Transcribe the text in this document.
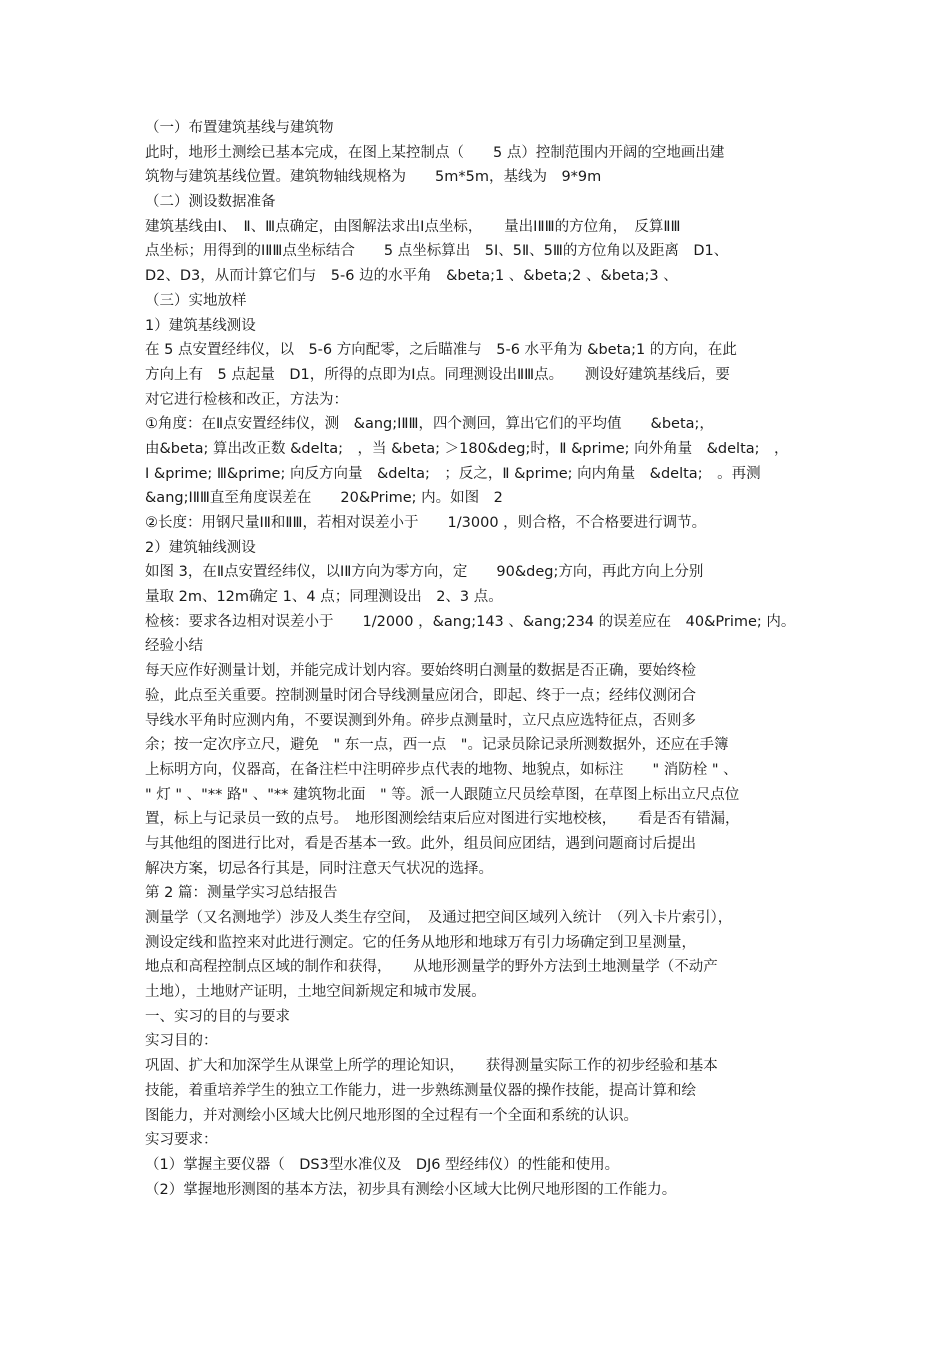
（一）布置建筑基线与建筑物
此时，地形土测绘已基本完成，在图上某控制点（　　5 点）控制范围内开阔的空地画出建
筑物与建筑基线位置。建筑物轴线规格为　　5m*5m，基线为　9*9m
（二）测设数据准备
建筑基线由Ⅰ、　Ⅱ、Ⅲ点确定，由图解法求出Ⅰ点坐标，　　量出ⅠⅡⅢ的方位角，　反算ⅡⅢ
点坐标；用得到的ⅠⅡⅢ点坐标结合　　5 点坐标算出　5Ⅰ、5Ⅱ、5Ⅲ的方位角以及距离　D1、
D2、D3，从而计算它们与　5-6 边的水平角　&beta;1 、&beta;2 、&beta;3 、
（三）实地放样
1）建筑基线测设
在 5 点安置经纬仪，以　5-6 方向配零，之后瞄准与　5-6 水平角为 &beta;1 的方向，在此
方向上有　5 点起量　D1，所得的点即为Ⅰ点。同理测设出ⅡⅢ点。　　测设好建筑基线后，要
对它进行检核和改正，方法为：
①角度：在Ⅱ点安置经纬仪，测　&ang;ⅠⅡⅢ，四个测回，算出它们的平均值　　&beta;，
由&beta; 算出改正数 &delta;　，当 &beta; ＞180&deg;时，Ⅱ &prime; 向外角量　&delta;　，
Ⅰ &prime; Ⅲ&prime; 向反方向量　&delta;　；反之，Ⅱ &prime; 向内角量　&delta;　。再测
&ang;ⅠⅡⅢ直至角度误差在　　20&Prime; 内。如图　2
②长度：用钢尺量ⅠⅡ和ⅡⅢ，若相对误差小于　　1/3000 ，则合格，不合格要进行调节。
2）建筑轴线测设
如图 3，在Ⅱ点安置经纬仪，以ⅠⅡ方向为零方向，定　　90&deg;方向，再此方向上分别
量取 2m、12m确定 1、4 点；同理测设出　2、3 点。
检核：要求各边相对误差小于　　1/2000 ，&ang;143 、&ang;234 的误差应在　40&Prime; 内。
经验小结
每天应作好测量计划，并能完成计划内容。要始终明白测量的数据是否正确，要始终检
验，此点至关重要。控制测量时闭合导线测量应闭合，即起、终于一点；经纬仪测闭合
导线水平角时应测内角，不要误测到外角。碎步点测量时，立尺点应选特征点，否则多
余；按一定次序立尺，避免　" 东一点，西一点　"。记录员除记录所测数据外，还应在手簿
上标明方向，仪器高，在备注栏中注明碎步点代表的地物、地貌点，如标注　　" 消防栓 " 、
" 灯 " 、"** 路" 、"** 建筑物北面　" 等。派一人跟随立尺员绘草图，在草图上标出立尺点位
置，标上与记录员一致的点号。　地形图测绘结束后应对图进行实地校核，　　看是否有错漏，
与其他组的图进行比对，看是否基本一致。此外，组员间应团结，遇到问题商讨后提出
解决方案，切忌各行其是，同时注意天气状况的选择。
第 2 篇：测量学实习总结报告
测量学（又名测地学）涉及人类生存空间，　及通过把空间区域列入统计　（列入卡片索引），
测设定线和监控来对此进行测定。它的任务从地形和地球万有引力场确定到卫星测量，
地点和高程控制点区域的制作和获得，　　从地形测量学的野外方法到土地测量学（不动产
土地），土地财产证明，土地空间新规定和城市发展。
一、实习的目的与要求
实习目的：
巩固、扩大和加深学生从课堂上所学的理论知识，　　获得测量实际工作的初步经验和基本
技能，着重培养学生的独立工作能力，进一步熟练测量仪器的操作技能，提高计算和绘
图能力，并对测绘小区域大比例尺地形图的全过程有一个全面和系统的认识。
实习要求：
（1）掌握主要仪器（　DS3型水准仪及　DJ6 型经纬仪）的性能和使用。
（2）掌握地形测图的基本方法，初步具有测绘小区域大比例尺地形图的工作能力。
